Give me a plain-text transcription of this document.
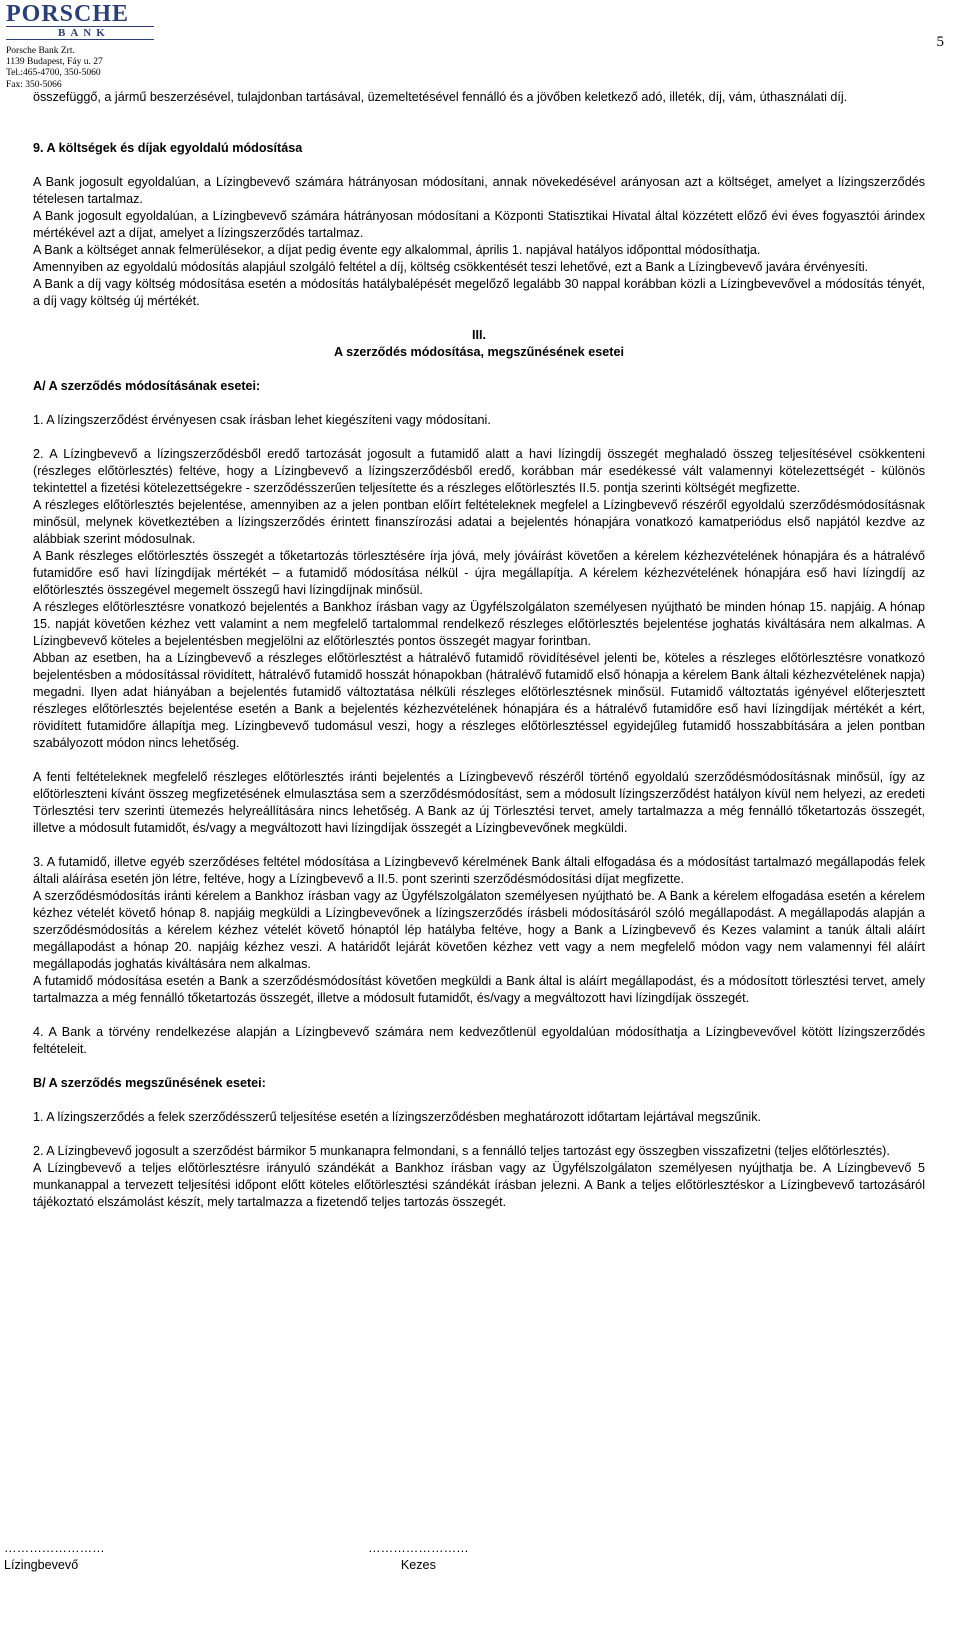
PORSCHE
BANK
Porsche Bank Zrt.
1139 Budapest, Fáy u. 27
Tel.:465-4700, 350-5060
Fax: 350-5066
5

összefüggő, a jármű beszerzésével, tulajdonban tartásával, üzemeltetésével fennálló és a jövőben keletkező adó, illeték, díj, vám, úthasználati díj.

9. A költségek és díjak egyoldalú módosítása

A Bank jogosult egyoldalúan, a Lízingbevevő számára hátrányosan módosítani, annak növekedésével arányosan azt a költséget, amelyet a lízingszerződés tételesen tartalmaz.

A Bank jogosult egyoldalúan, a Lízingbevevő számára hátrányosan módosítani a Központi Statisztikai Hivatal által közzétett előző évi éves fogyasztói árindex mértékével azt a díjat, amelyet a lízingszerződés tartalmaz.

A Bank a költséget annak felmerülésekor, a díjat pedig évente egy alkalommal, április 1. napjával hatályos időponttal módosíthatja.

Amennyiben az egyoldalú módosítás alapjául szolgáló feltétel a díj, költség csökkentését teszi lehetővé, ezt a Bank a Lízingbevevő javára érvényesíti.

A Bank a díj vagy költség módosítása esetén a módosítás hatálybalépését megelőző legalább 30 nappal korábban közli a Lízingbevevővel a módosítás tényét, a díj vagy költség új mértékét.

III.

A szerződés módosítása, megszűnésének esetei

A/ A szerződés módosításának esetei:

1. A lízingszerződést érvényesen csak írásban lehet kiegészíteni vagy módosítani.

2. A Lízingbevevő a lízingszerződésből eredő tartozását jogosult a futamidő alatt a havi lízingdíj összegét meghaladó összeg teljesítésével csökkenteni (részleges előtörlesztés) feltéve, hogy a Lízingbevevő a lízingszerződésből eredő, korábban már esedékessé vált valamennyi kötelezettségét - különös tekintettel a fizetési kötelezettségekre - szerződésszerűen teljesítette és a részleges előtörlesztés II.5. pontja szerinti költségét megfizette.

A részleges előtörlesztés bejelentése, amennyiben az a jelen pontban előírt feltételeknek megfelel a Lízingbevevő részéről egyoldalú szerződésmódosításnak minősül, melynek következtében a lízingszerződés érintett finanszírozási adatai a bejelentés hónapjára vonatkozó kamatperiódus első napjától kezdve az alábbiak szerint módosulnak.

A Bank részleges előtörlesztés összegét a tőketartozás törlesztésére írja jóvá, mely jóváírást követően a kérelem kézhezvételének hónapjára és a hátralévő futamidőre eső havi lízingdíjak mértékét – a futamidő módosítása nélkül - újra megállapítja. A kérelem kézhezvételének hónapjára eső havi lízingdíj az előtörlesztés összegével megemelt összegű havi lízingdíjnak minősül.

A részleges előtörlesztésre vonatkozó bejelentés a Bankhoz írásban vagy az Ügyfélszolgálaton személyesen nyújtható be minden hónap 15. napjáig. A hónap 15. napját követően kézhez vett valamint a nem megfelelő tartalommal rendelkező részleges előtörlesztés bejelentése joghatás kiváltására nem alkalmas. A Lízingbevevő köteles a bejelentésben megjelölni az előtörlesztés pontos összegét magyar forintban.

Abban az esetben, ha a Lízingbevevő a részleges előtörlesztést a hátralévő futamidő rövidítésével jelenti be, köteles a részleges előtörlesztésre vonatkozó bejelentésben a módosítással rövidített, hátralévő futamidő hosszát hónapokban (hátralévő futamidő első hónapja a kérelem Bank általi kézhezvételének napja) megadni. Ilyen adat hiányában a bejelentés futamidő változtatása nélküli részleges előtörlesztésnek minősül. Futamidő változtatás igényével előterjesztett részleges előtörlesztés bejelentése esetén a Bank a bejelentés kézhezvételének hónapjára és a hátralévő futamidőre eső havi lízingdíjak mértékét a kért, rövidített futamidőre állapítja meg. Lízingbevevő tudomásul veszi, hogy a részleges előtörlesztéssel egyidejűleg futamidő hosszabbítására a jelen pontban szabályozott módon nincs lehetőség.

A fenti feltételeknek megfelelő részleges előtörlesztés iránti bejelentés a Lízingbevevő részéről történő egyoldalú szerződésmódosításnak minősül, így az előtörleszteni kívánt összeg megfizetésének elmulasztása sem a szerződésmódosítást, sem a módosult lízingszerződést hatályon kívül nem helyezi, az eredeti Törlesztési terv szerinti ütemezés helyreállítására nincs lehetőség. A Bank az új Törlesztési tervet, amely tartalmazza a még fennálló tőketartozás összegét, illetve a módosult futamidőt, és/vagy a megváltozott havi lízingdíjak összegét a Lízingbevevőnek megküldi.

3. A futamidő, illetve egyéb szerződéses feltétel módosítása a Lízingbevevő kérelmének Bank általi elfogadása és a módosítást tartalmazó megállapodás felek általi aláírása esetén jön létre, feltéve, hogy a Lízingbevevő a II.5. pont szerinti szerződésmódosítási díjat megfizette.

A szerződésmódosítás iránti kérelem a Bankhoz írásban vagy az Ügyfélszolgálaton személyesen nyújtható be. A Bank a kérelem elfogadása esetén a kérelem kézhez vételét követő hónap 8. napjáig megküldi a Lízingbevevőnek a lízingszerződés írásbeli módosításáról szóló megállapodást. A megállapodás alapján a szerződésmódosítás a kérelem kézhez vételét követő hónaptól lép hatályba feltéve, hogy a Bank a Lízingbevevő és Kezes valamint a tanúk általi aláírt megállapodást a hónap 20. napjáig kézhez veszi. A határidőt lejárát követően kézhez vett vagy a nem megfelelő módon vagy nem valamennyi fél aláírt megállapodás joghatás kiváltására nem alkalmas.

A futamidő módosítása esetén a Bank a szerződésmódosítást követően megküldi a Bank által is aláírt megállapodást, és a módosított törlesztési tervet, amely tartalmazza a még fennálló tőketartozás összegét, illetve a módosult futamidőt, és/vagy a megváltozott havi lízingdíjak összegét.

4. A Bank a törvény rendelkezése alapján a Lízingbevevő számára nem kedvezőtlenül egyoldalúan módosíthatja a Lízingbevevővel kötött lízingszerződés feltételeit.

B/ A szerződés megszűnésének esetei:

1. A lízingszerződés a felek szerződésszerű teljesítése esetén a lízingszerződésben meghatározott időtartam lejártával megszűnik.

2. A Lízingbevevő jogosult a szerződést bármikor 5 munkanapra felmondani, s a fennálló teljes tartozást egy összegben visszafizetni (teljes előtörlesztés).

A Lízingbevevő a teljes előtörlesztésre irányuló szándékát a Bankhoz írásban vagy az Ügyfélszolgálaton személyesen nyújthatja be. A Lízingbevevő 5 munkanappal a tervezett teljesítési időpont előtt köteles előtörlesztési szándékát írásban jelezni. A Bank a teljes előtörlesztéskor a Lízingbevevő tartozásáról tájékoztató elszámolást készít, mely tartalmazza a fizetendő teljes tartozás összegét.

……………………
Lízingbevevő
……………………
Kezes
